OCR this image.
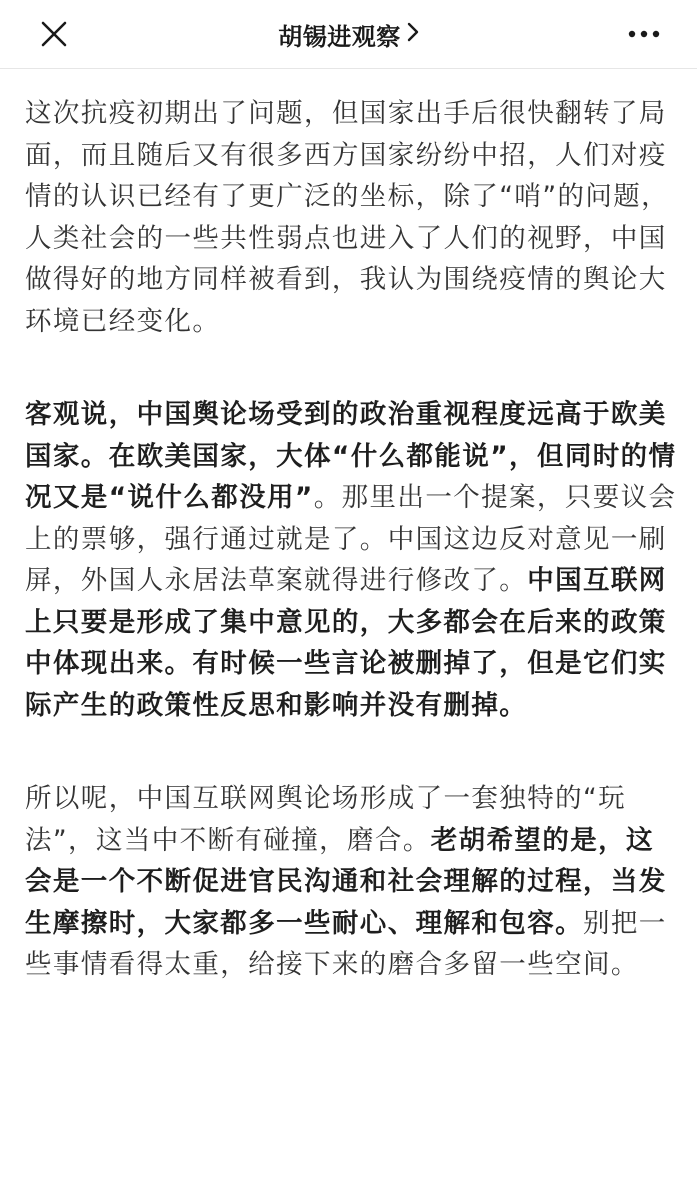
胡锡进观察

这次抗疫初期出了问题，但国家出手后很快翻转了局面，而且随后又有很多西方国家纷纷中招，人们对疫情的认识已经有了更广泛的坐标，除了“哨”的问题，人类社会的一些共性弱点也进入了人们的视野，中国做得好的地方同样被看到，我认为围绕疫情的舆论大环境已经变化。

客观说，中国舆论场受到的政治重视程度远高于欧美国家。在欧美国家，大体“什么都能说”，但同时的情况又是“说什么都没用”。那里出一个提案，只要议会上的票够，强行通过就是了。中国这边反对意见一刷屏，外国人永居法草案就得进行修改了。中国互联网上只要是形成了集中意见的，大多都会在后来的政策中体现出来。有时候一些言论被删掉了，但是它们实际产生的政策性反思和影响并没有删掉。

所以呢，中国互联网舆论场形成了一套独特的“玩法”，这当中不断有碰撞，磨合。老胡希望的是，这会是一个不断促进官民沟通和社会理解的过程，当发生摩擦时，大家都多一些耐心、理解和包容。别把一些事情看得太重，给接下来的磨合多留一些空间。
